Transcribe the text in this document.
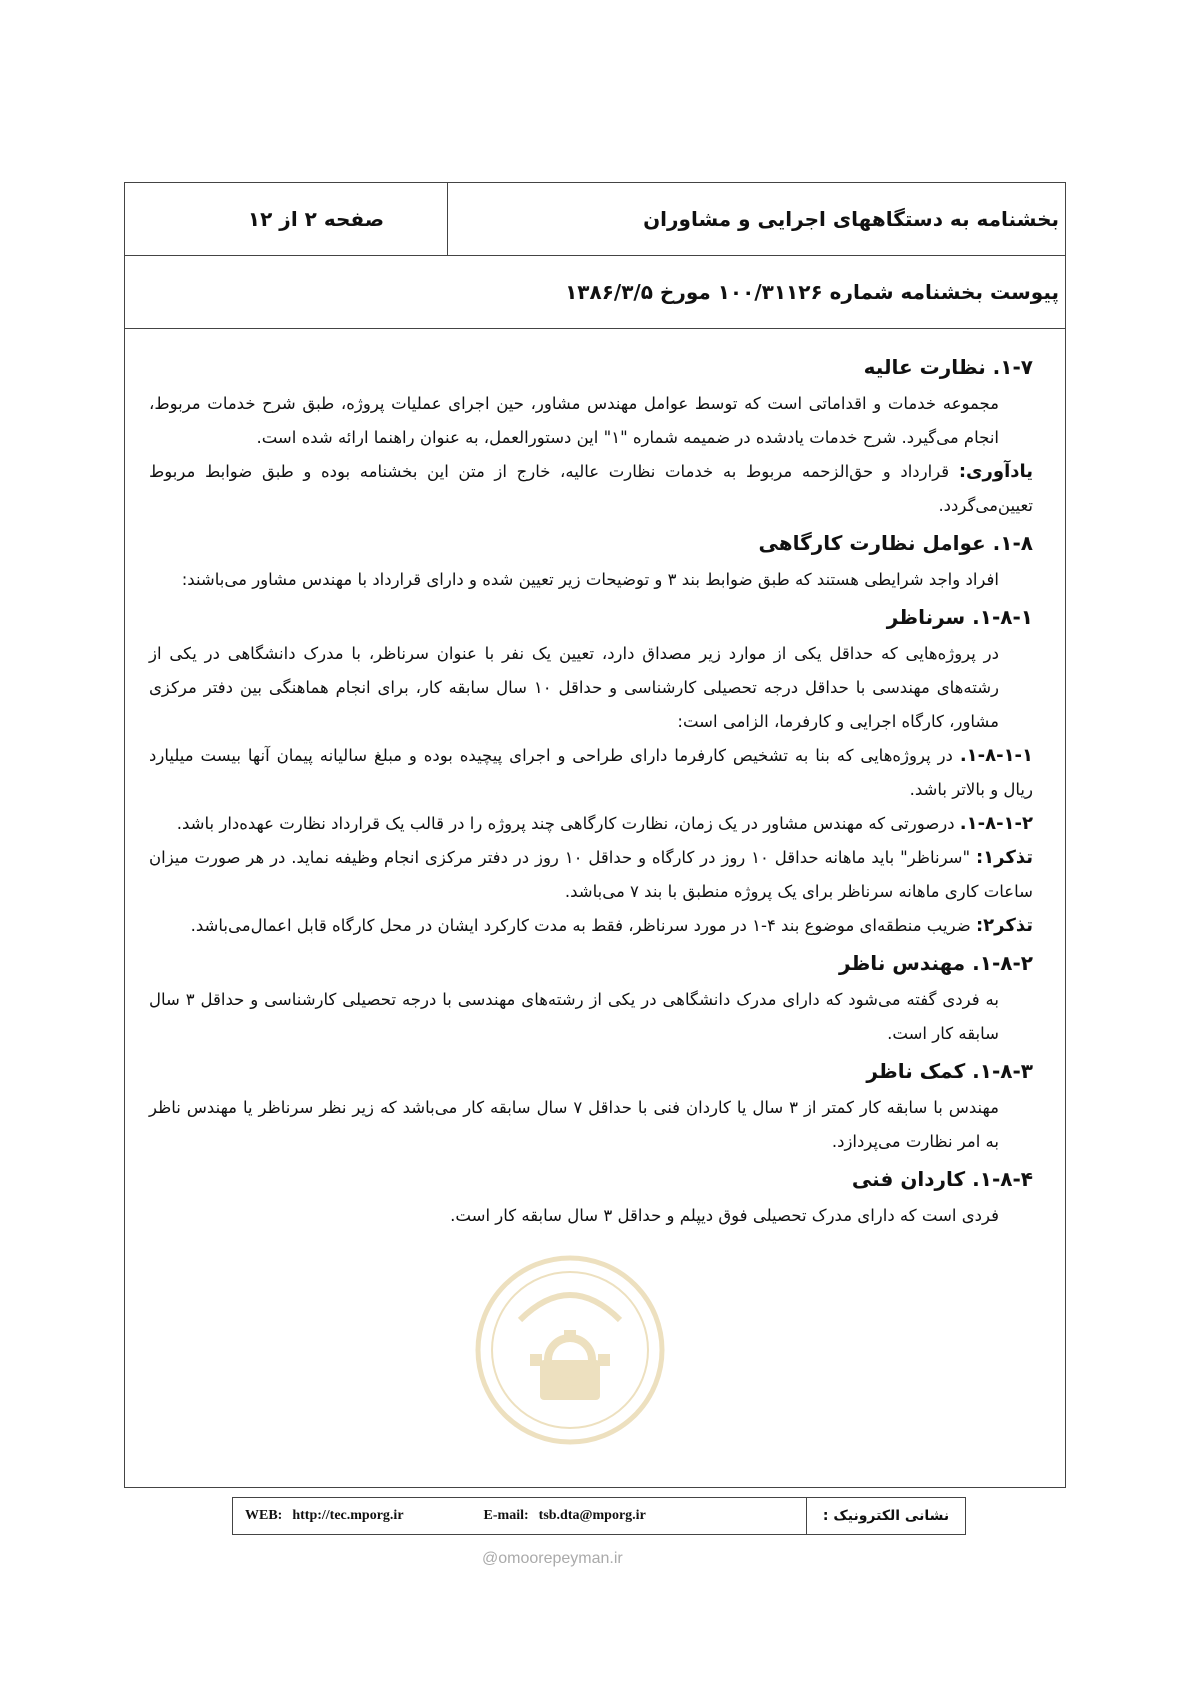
بخشنامه به دستگاههای اجرایی و مشاوران
صفحه ۲ از ۱۲
پیوست بخشنامه شماره ۱۰۰/۳۱۱۲۶ مورخ ۱۳۸۶/۳/۵

۱-۷. نظارت عالیه

مجموعه خدمات و اقداماتی است که توسط عوامل مهندس مشاور، حین اجرای عملیات پروژه، طبق شرح خدمات مربوط، انجام می‌گیرد. شرح خدمات یادشده در ضمیمه شماره "۱" این دستورالعمل، به عنوان راهنما ارائه شده است.

یادآوری: قرارداد و حق‌الزحمه مربوط به خدمات نظارت عالیه، خارج از متن این بخشنامه بوده و طبق ضوابط مربوط تعیین‌می‌گردد.

۱-۸. عوامل نظارت کارگاهی

افراد واجد شرایطی هستند که طبق ضوابط بند ۳ و توضیحات زیر تعیین شده و دارای قرارداد با مهندس مشاور می‌باشند:

۱-۸-۱. سرناظر

در پروژه‌هایی که حداقل یکی از موارد زیر مصداق دارد، تعیین یک نفر با عنوان سرناظر، با مدرک دانشگاهی در یکی از رشته‌های مهندسی با حداقل درجه تحصیلی کارشناسی و حداقل ۱۰ سال سابقه کار، برای انجام هماهنگی بین دفتر مرکزی مشاور، کارگاه اجرایی و کارفرما، الزامی است:

۱-۸-۱-۱. در پروژه‌هایی که بنا به تشخیص کارفرما دارای طراحی و اجرای پیچیده بوده و مبلغ سالیانه پیمان آنها بیست میلیارد ریال و بالاتر باشد.

۱-۸-۱-۲. درصورتی که مهندس مشاور در یک زمان، نظارت کارگاهی چند پروژه را در قالب یک قرارداد نظارت عهده‌دار باشد.

تذکر۱: "سرناظر" باید ماهانه حداقل ۱۰ روز در کارگاه و حداقل ۱۰ روز در دفتر مرکزی انجام وظیفه نماید. در هر صورت میزان ساعات کاری ماهانه سرناظر برای یک پروژه منطبق با بند ۷ می‌باشد.

تذکر۲: ضریب منطقه‌ای موضوع بند ۴-۱ در مورد سرناظر، فقط به مدت کارکرد ایشان در محل کارگاه قابل اعمال‌می‌باشد.

۱-۸-۲. مهندس ناظر

به فردی گفته می‌شود که دارای مدرک دانشگاهی در یکی از رشته‌های مهندسی با درجه تحصیلی کارشناسی و حداقل ۳ سال سابقه کار است.

۱-۸-۳. کمک ناظر

مهندس با سابقه کار کمتر از ۳ سال یا کاردان فنی با حداقل ۷ سال سابقه کار می‌باشد که زیر نظر سرناظر یا مهندس ناظر به امر نظارت می‌پردازد.

۱-۸-۴. کاردان فنی

فردی است که دارای مدرک تحصیلی فوق دیپلم و حداقل ۳ سال سابقه کار است.

نشانی الکترونیک :
WEB: http://tec.mporg.ir	E-mail: tsb.dta@mporg.ir
@omoorepeyman.ir
